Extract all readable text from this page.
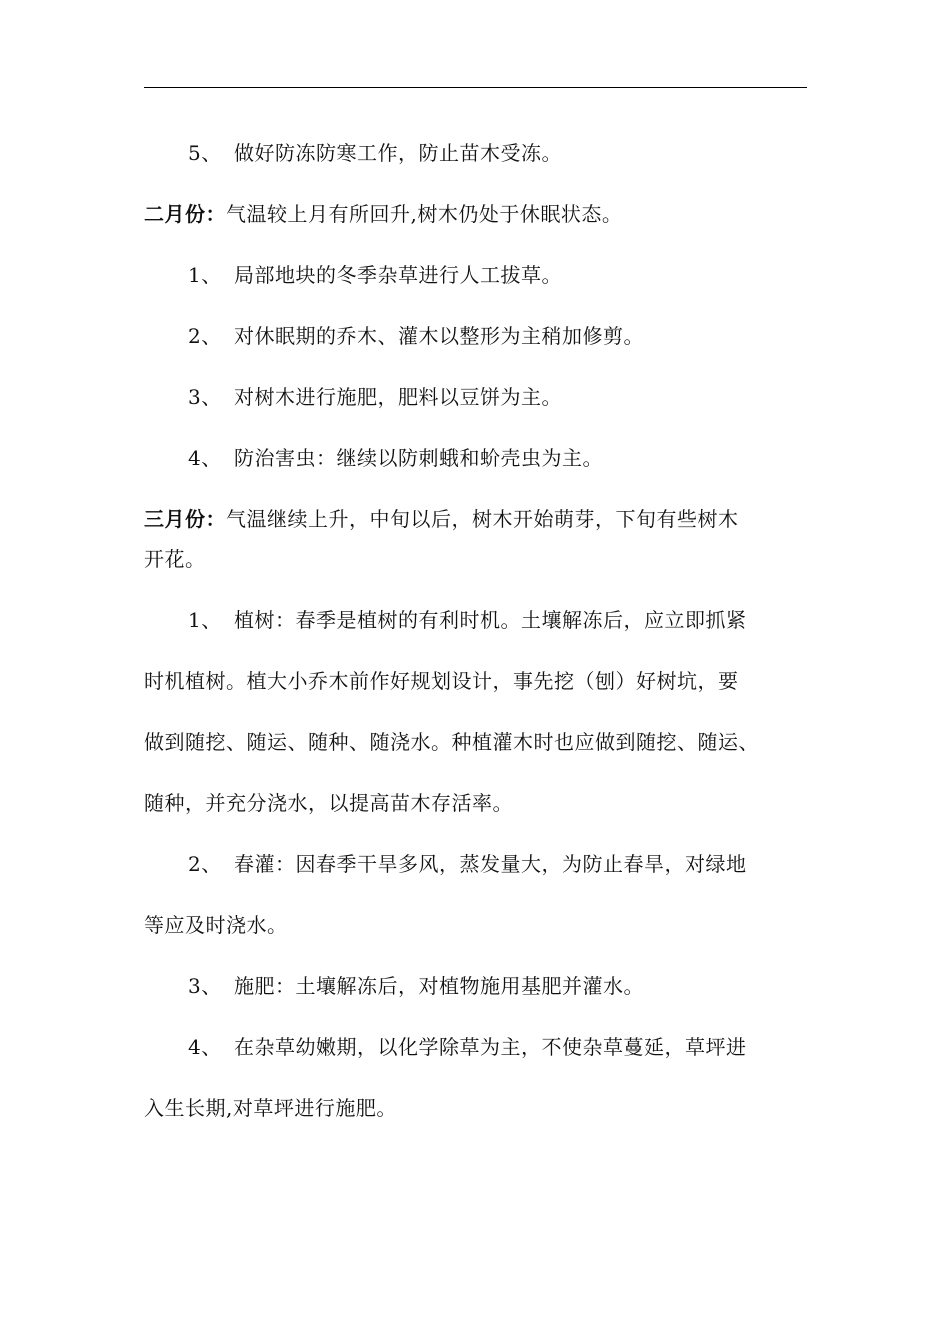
5、 做好防冻防寒工作，防止苗木受冻。
二月份：气温较上月有所回升,树木仍处于休眠状态。
1、 局部地块的冬季杂草进行人工拔草。
2、 对休眠期的乔木、灌木以整形为主稍加修剪。
3、 对树木进行施肥，肥料以豆饼为主。
4、 防治害虫：继续以防刺蛾和蚧壳虫为主。
三月份：气温继续上升，中旬以后，树木开始萌芽，下旬有些树木
开花。
1、 植树：春季是植树的有利时机。土壤解冻后，应立即抓紧
时机植树。植大小乔木前作好规划设计，事先挖（刨）好树坑，要
做到随挖、随运、随种、随浇水。种植灌木时也应做到随挖、随运、
随种，并充分浇水，以提高苗木存活率。
2、 春灌：因春季干旱多风，蒸发量大，为防止春旱，对绿地
等应及时浇水。
3、 施肥：土壤解冻后，对植物施用基肥并灌水。
4、 在杂草幼嫩期，以化学除草为主，不使杂草蔓延，草坪进
入生长期,对草坪进行施肥。
